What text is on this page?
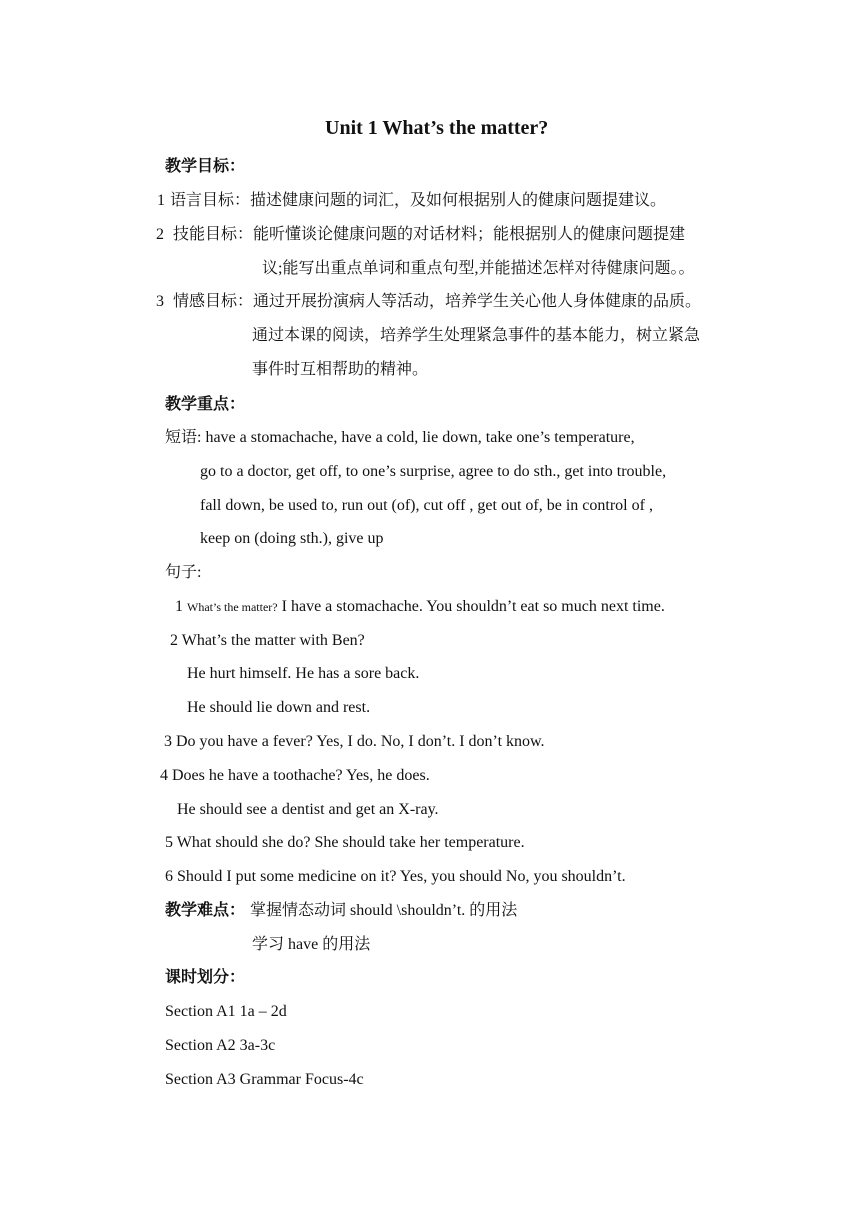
Unit 1 What’s the matter?
教学目标：
1 语言目标：描述健康问题的词汇，及如何根据别人的健康问题提建议。
2 技能目标：能听懂谈论健康问题的对话材料；能根据别人的健康问题提建
议;能写出重点单词和重点句型,并能描述怎样对待健康问题。。
3 情感目标：通过开展扮演病人等活动，培养学生关心他人身体健康的品质。
通过本课的阅读，培养学生处理紧急事件的基本能力，树立紧急
事件时互相帮助的精神。
教学重点：
短语: have a stomachache, have a cold, lie down, take one’s temperature,
go to a doctor, get off, to one’s surprise, agree to do sth., get into trouble,
fall down, be used to, run out (of), cut off , get out of, be in control of ,
keep on (doing sth.), give up
句子:
1 What’s the matter? I have a stomachache. You shouldn’t eat so much next time.
2 What’s the matter with Ben?
He hurt himself. He has a sore back.
He should lie down and rest.
3 Do you have a fever? Yes, I do. No, I don’t. I don’t know.
4 Does he have a toothache? Yes, he does.
He should see a dentist and get an X-ray.
5 What should she do? She should take her temperature.
6 Should I put some medicine on it? Yes, you should No, you shouldn’t.
教学难点： 掌握情态动词 should \shouldn’t. 的用法
学习 have 的用法
课时划分：
Section A1 1a – 2d
Section A2 3a-3c
Section A3 Grammar Focus-4c
